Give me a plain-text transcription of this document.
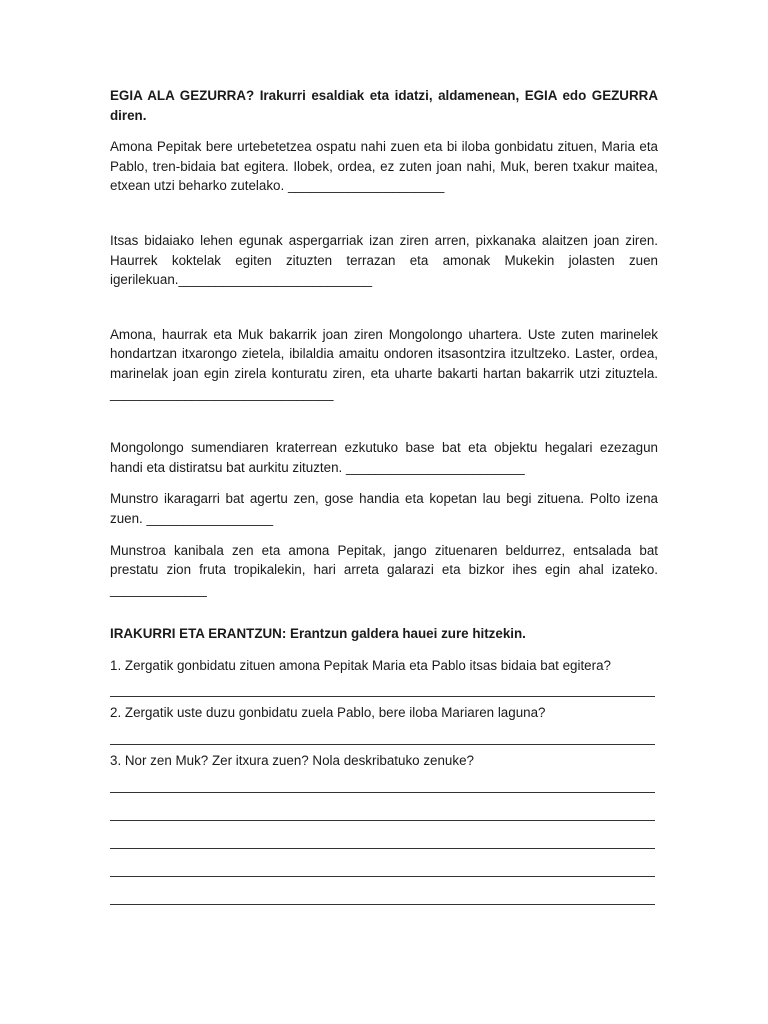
EGIA ALA GEZURRA? Irakurri esaldiak eta idatzi, aldamenean, EGIA edo GEZURRA diren.

Amona Pepitak bere urtebetetzea ospatu nahi zuen eta bi iloba gonbidatu zituen, Maria eta Pablo, tren-bidaia bat egitera. Ilobek, ordea, ez zuten joan nahi, Muk, beren txakur maitea, etxean utzi beharko zutelako. _____________________

Itsas bidaiako lehen egunak aspergarriak izan ziren arren, pixkanaka alaitzen joan ziren. Haurrek koktelak egiten zituzten terrazan eta amonak Mukekin jolasten zuen igerilekuan.__________________________

Amona, haurrak eta Muk bakarrik joan ziren Mongolongo uhartera. Uste zuten marinelek hondartzan itxarongo zietela, ibilaldia amaitu ondoren itsasontzira itzultzeko. Laster, ordea, marinelak joan egin zirela konturatu ziren, eta uharte bakarti hartan bakarrik utzi zituztela. ______________________________

Mongolongo sumendiaren kraterrean ezkutuko base bat eta objektu hegalari ezezagun handi eta distiratsu bat aurkitu zituzten. ________________________

Munstro ikaragarri bat agertu zen, gose handia eta kopetan lau begi zituena. Polto izena zuen. _________________

Munstroa kanibala zen eta amona Pepitak, jango zituenaren beldurrez, entsalada bat prestatu zion fruta tropikalekin, hari arreta galarazi eta bizkor ihes egin ahal izateko. _____________

IRAKURRI ETA ERANTZUN: Erantzun galdera hauei zure hitzekin.

1. Zergatik gonbidatu zituen amona Pepitak Maria eta Pablo itsas bidaia bat egitera?

2. Zergatik uste duzu gonbidatu zuela Pablo, bere iloba Mariaren laguna?

3. Nor zen Muk? Zer itxura zuen? Nola deskribatuko zenuke?
